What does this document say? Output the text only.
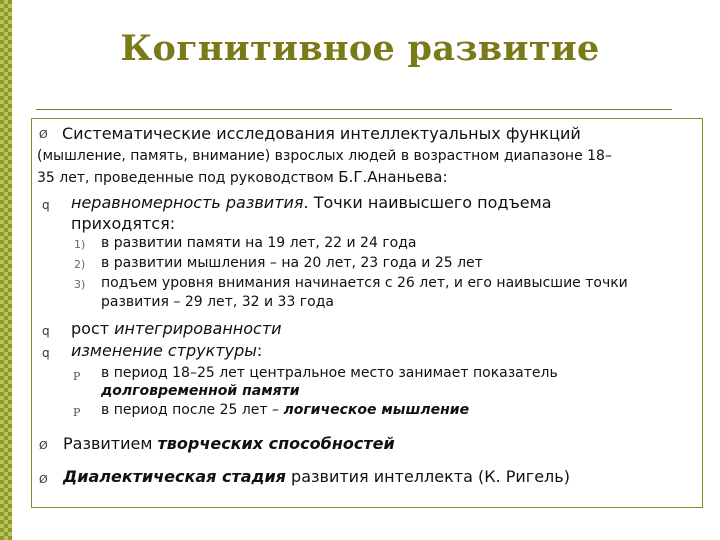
Когнитивное развитие
Ø Систематические исследования интеллектуальных функций
(мышление, память, внимание) взрослых людей в возрастном диапазоне 18–
35 лет, проведенные под руководством Б.Г.Ананьева:
q неравномерность развития. Точки наивысшего подъема
приходятся:
1) в развитии памяти на 19 лет, 22 и 24 года
2) в развитии мышления – на 20 лет, 23 года и 25 лет
3) подъем уровня внимания начинается с 26 лет, и его наивысшие точки
развития – 29 лет, 32 и 33 года
q рост интегрированности
q изменение структуры:
P в период 18–25 лет центральное место занимает показатель
долговременной памяти
P в период после 25 лет – логическое мышление
Ø Развитием творческих способностей
Ø Диалектическая стадия развития интеллекта (К. Ригель)
